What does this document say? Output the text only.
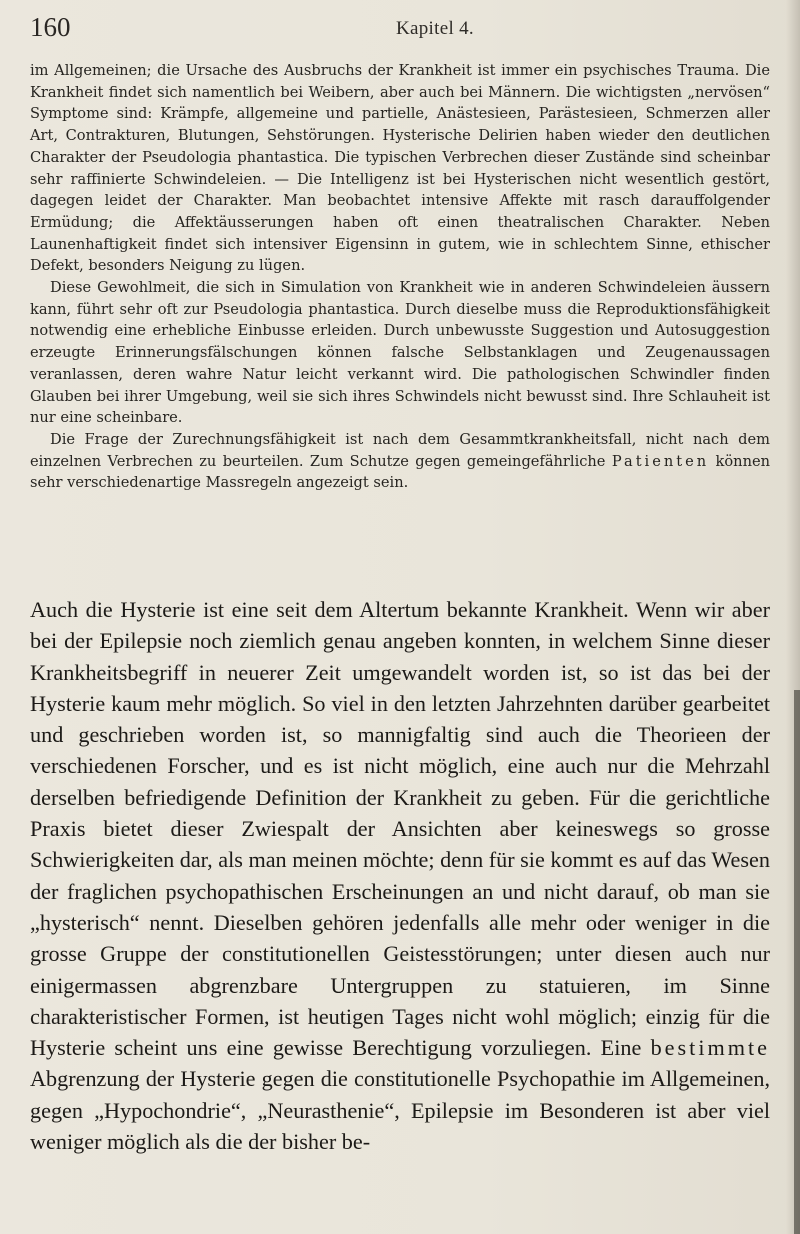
160	Kapitel 4.

im Allgemeinen; die Ursache des Ausbruchs der Krankheit ist immer ein psychisches Trauma. Die Krankheit findet sich namentlich bei Weibern, aber auch bei Männern. Die wichtigsten „nervösen“ Symptome sind: Krämpfe, allgemeine und partielle, Anästesieen, Parästesieen, Schmerzen aller Art, Contrakturen, Blutungen, Sehstörungen. Hysterische Delirien haben wieder den deutlichen Charakter der Pseudologia phantastica. Die typischen Verbrechen dieser Zustände sind scheinbar sehr raffinierte Schwindeleien. — Die Intelligenz ist bei Hysterischen nicht wesentlich gestört, dagegen leidet der Charakter. Man beobachtet intensive Affekte mit rasch darauffolgender Ermüdung; die Affektäusserungen haben oft einen theatralischen Charakter. Neben Launenhaftigkeit findet sich intensiver Eigensinn in gutem, wie in schlechtem Sinne, ethischer Defekt, besonders Neigung zu lügen.

Diese Gewohlmeit, die sich in Simulation von Krankheit wie in anderen Schwindeleien äussern kann, führt sehr oft zur Pseudologia phantastica. Durch dieselbe muss die Reproduktionsfähigkeit notwendig eine erhebliche Einbusse erleiden. Durch unbewusste Suggestion und Autosuggestion erzeugte Erinnerungsfälschungen können falsche Selbstanklagen und Zeugenaussagen veranlassen, deren wahre Natur leicht verkannt wird. Die pathologischen Schwindler finden Glauben bei ihrer Umgebung, weil sie sich ihres Schwindels nicht bewusst sind. Ihre Schlauheit ist nur eine scheinbare.

Die Frage der Zurechnungsfähigkeit ist nach dem Gesammtkrankheitsfall, nicht nach dem einzelnen Verbrechen zu beurteilen. Zum Schutze gegen gemeingefährliche Patienten können sehr verschiedenartige Massregeln angezeigt sein.

Auch die Hysterie ist eine seit dem Altertum bekannte Krankheit. Wenn wir aber bei der Epilepsie noch ziemlich genau angeben konnten, in welchem Sinne dieser Krankheitsbegriff in neuerer Zeit umgewandelt worden ist, so ist das bei der Hysterie kaum mehr möglich. So viel in den letzten Jahrzehnten darüber gearbeitet und geschrieben worden ist, so mannigfaltig sind auch die Theorieen der verschiedenen Forscher, und es ist nicht möglich, eine auch nur die Mehrzahl derselben befriedigende Definition der Krankheit zu geben. Für die gerichtliche Praxis bietet dieser Zwiespalt der Ansichten aber keineswegs so grosse Schwierigkeiten dar, als man meinen möchte; denn für sie kommt es auf das Wesen der fraglichen psychopathischen Erscheinungen an und nicht darauf, ob man sie „hysterisch“ nennt. Dieselben gehören jedenfalls alle mehr oder weniger in die grosse Gruppe der constitutionellen Geistesstörungen; unter diesen auch nur einigermassen abgrenzbare Untergruppen zu statuieren, im Sinne charakteristischer Formen, ist heutigen Tages nicht wohl möglich; einzig für die Hysterie scheint uns eine gewisse Berechtigung vorzuliegen. Eine bestimmte Abgrenzung der Hysterie gegen die constitutionelle Psychopathie im Allgemeinen, gegen „Hypochondrie“, „Neurasthenie“, Epilepsie im Besonderen ist aber viel weniger möglich als die der bisher be-
